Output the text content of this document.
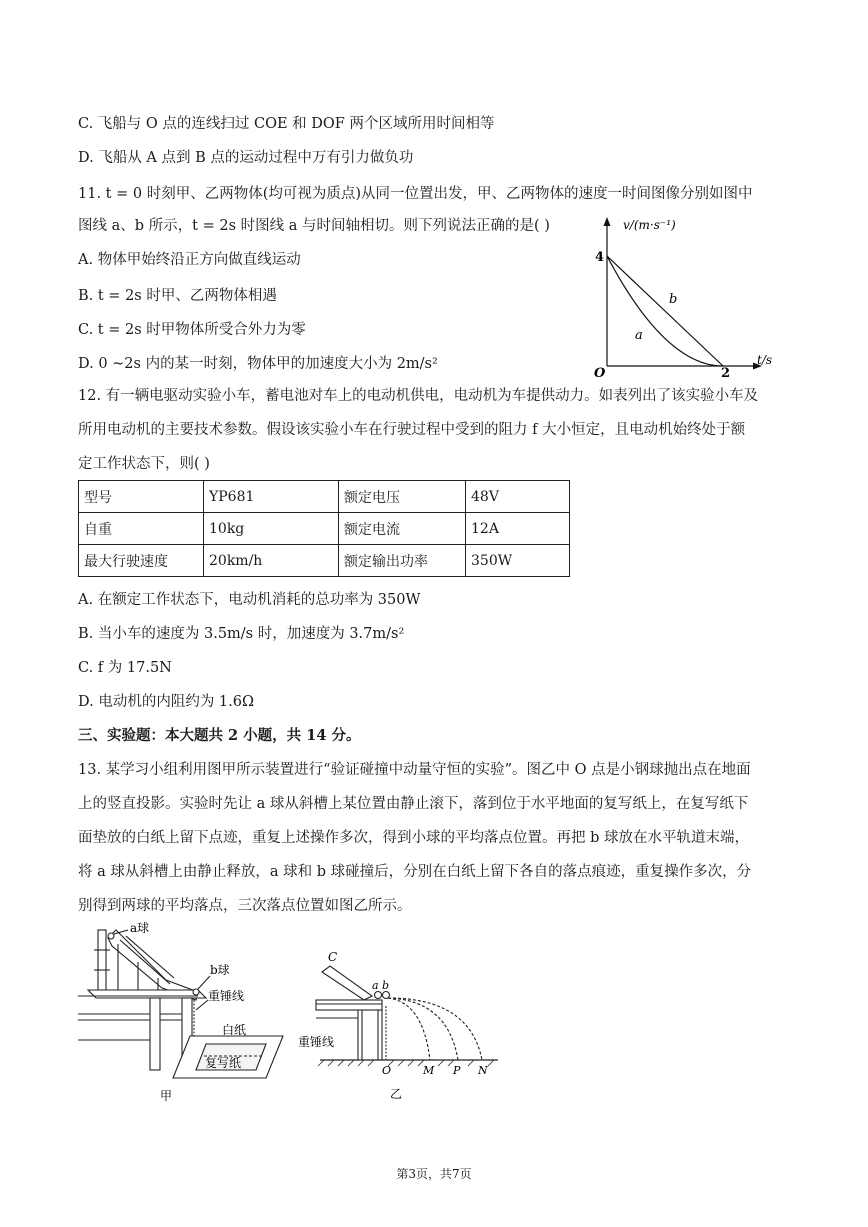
C. 飞船与 O 点的连线扫过 COE 和 DOF 两个区域所用时间相等
D. 飞船从 A 点到 B 点的运动过程中万有引力做负功
11. t = 0 时刻甲、乙两物体(均可视为质点)从同一位置出发，甲、乙两物体的速度一时间图像分别如图中
图线 a、b 所示，t = 2s 时图线 a 与时间轴相切。则下列说法正确的是( )
A. 物体甲始终沿正方向做直线运动
B. t = 2s 时甲、乙两物体相遇
C. t = 2s 时甲物体所受合外力为零
D. 0 ~2s 内的某一时刻，物体甲的加速度大小为 2m/s²
v/(m·s⁻¹)
t/s
O
4
2
a
b
12. 有一辆电驱动实验小车，蓄电池对车上的电动机供电，电动机为车提供动力。如表列出了该实验小车及
所用电动机的主要技术参数。假设该实验小车在行驶过程中受到的阻力 f 大小恒定，且电动机始终处于额
定工作状态下，则( )
型号	YP681	额定电压	48V
自重	10kg	额定电流	12A
最大行驶速度	20km/h	额定输出功率	350W
A. 在额定工作状态下，电动机消耗的总功率为 350W
B. 当小车的速度为 3.5m/s 时，加速度为 3.7m/s²
C. f 为 17.5N
D. 电动机的内阻约为 1.6Ω
三、实验题：本大题共 2 小题，共 14 分。
13. 某学习小组利用图甲所示装置进行“验证碰撞中动量守恒的实验”。图乙中 O 点是小钢球抛出点在地面
上的竖直投影。实验时先让 a 球从斜槽上某位置由静止滚下，落到位于水平地面的复写纸上，在复写纸下
面垫放的白纸上留下点迹，重复上述操作多次，得到小球的平均落点位置。再把 b 球放在水平轨道末端，
将 a 球从斜槽上由静止释放，a 球和 b 球碰撞后，分别在白纸上留下各自的落点痕迹，重复操作多次，分
别得到两球的平均落点，三次落点位置如图乙所示。
a球
b球
重锤线
白纸
复写纸
甲
C
a b
重锤线
O	M P N
乙
第3页，共7页
